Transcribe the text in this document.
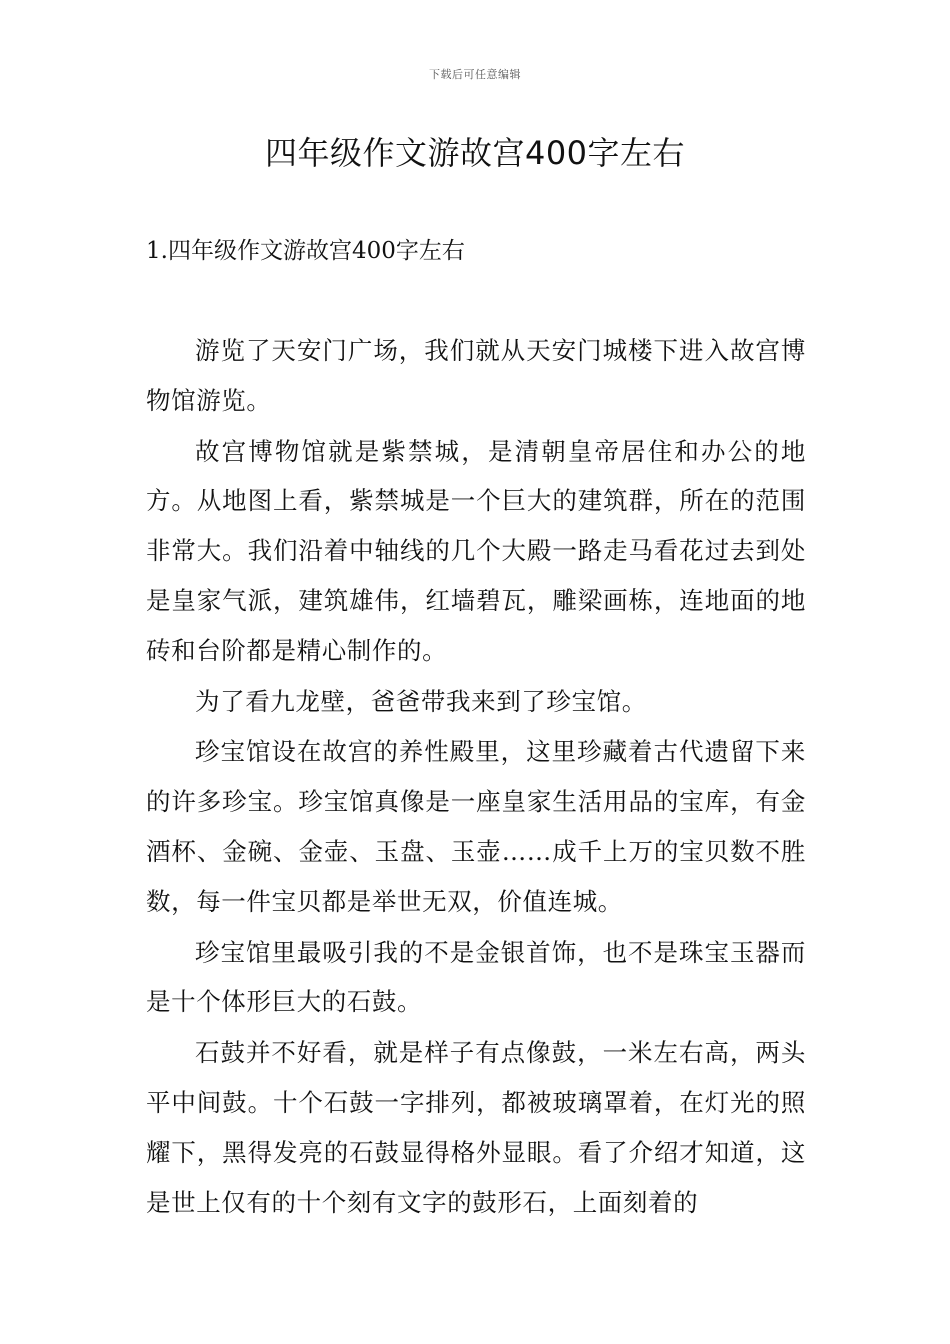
下载后可任意编辑
四年级作文游故宫400字左右
1.四年级作文游故宫400字左右

游览了天安门广场，我们就从天安门城楼下进入故宫博物馆游览。

故宫博物馆就是紫禁城，是清朝皇帝居住和办公的地方。从地图上看，紫禁城是一个巨大的建筑群，所在的范围非常大。我们沿着中轴线的几个大殿一路走马看花过去到处是皇家气派，建筑雄伟，红墙碧瓦，雕梁画栋，连地面的地砖和台阶都是精心制作的。

为了看九龙壁，爸爸带我来到了珍宝馆。

珍宝馆设在故宫的养性殿里，这里珍藏着古代遗留下来的许多珍宝。珍宝馆真像是一座皇家生活用品的宝库，有金酒杯、金碗、金壶、玉盘、玉壶……成千上万的宝贝数不胜数，每一件宝贝都是举世无双，价值连城。

珍宝馆里最吸引我的不是金银首饰，也不是珠宝玉器而是十个体形巨大的石鼓。

石鼓并不好看，就是样子有点像鼓，一米左右高，两头平中间鼓。十个石鼓一字排列，都被玻璃罩着，在灯光的照耀下，黑得发亮的石鼓显得格外显眼。看了介绍才知道，这是世上仅有的十个刻有文字的鼓形石，上面刻着的
